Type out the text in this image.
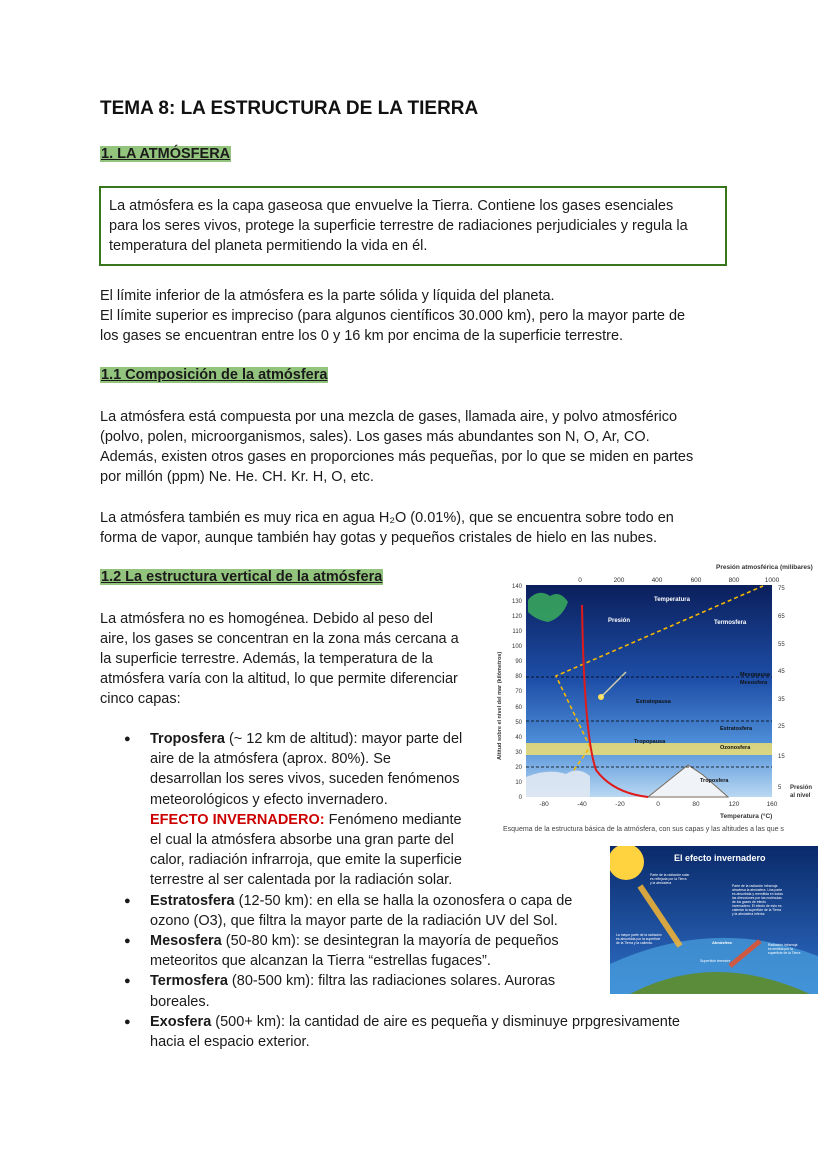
TEMA 8: LA ESTRUCTURA DE LA TIERRA
1. LA ATMÓSFERA

La atmósfera es la capa gaseosa que envuelve la Tierra. Contiene los gases esenciales

para los seres vivos, protege la superficie terrestre de radiaciones perjudiciales y regula la

temperatura del planeta permitiendo la vida en él.

El límite inferior de la atmósfera es la parte sólida y líquida del planeta.
El límite superior es impreciso (para algunos científicos 30.000 km), pero la mayor parte de
los gases se encuentran entre los 0 y 16 km por encima de la superficie terrestre.

1.1 Composición de la atmósfera

La atmósfera está compuesta por una mezcla de gases, llamada aire, y polvo atmosférico
(polvo, polen, microorganismos, sales). Los gases más abundantes son N, O, Ar, CO.
Además, existen otros gases en proporciones más pequeñas, por lo que se miden en partes
por millón (ppm) Ne. He. CH. Kr. H, O, etc.

La atmósfera también es muy rica en agua H₂O (0.01%), que se encuentra sobre todo en
forma de vapor, aunque también hay gotas y pequeños cristales de hielo en las nubes.

1.2 La estructura vertical de la atmósfera

La atmósfera no es homogénea. Debido al peso del
aire, los gases se concentran en la zona más cercana a
la superficie terrestre. Además, la temperatura de la
atmósfera varía con la altitud, lo que permite diferenciar
cinco capas:

● Troposfera (~ 12 km de altitud): mayor parte del
aire de la atmósfera (aprox. 80%). Se
desarrollan los seres vivos, suceden fenómenos
meteorológicos y efecto invernadero.
EFECTO INVERNADERO: Fenómeno mediante
el cual la atmósfera absorbe una gran parte del
calor, radiación infrarroja, que emite la superficie
terrestre al ser calentada por la radiación solar.
● Estratosfera (12-50 km): en ella se halla la ozonosfera o capa de
ozono (O3), que filtra la mayor parte de la radiación UV del Sol.
● Mesosfera (50-80 km): se desintegran la mayoría de pequeños
meteoritos que alcanzan la Tierra “estrellas fugaces”.
● Termosfera (80-500 km): filtra las radiaciones solares. Auroras
boreales.
● Exosfera (500+ km): la cantidad de aire es pequeña y disminuye prpgresivamente
hacia el espacio exterior.
Presión atmosférica (milibares)
0	200	400	600	800	1000
0
10
20
30
40
50
60
70
80
90
100
110
120
130
140
5
15
25
35
45
55
65
75
-80	-40	-20	0	80	120	160
Temperatura (°C)
Altitud sobre el nivel del mar (kilómetros)
Presión
al nivel
Temperatura
Presión	Termosfera
Mesopausa
Mesosfera
Estratopausa
Estratosfera
Tropopausa
Ozonosfera
Troposfera
Esquema de la estructura básica de la atmósfera, con sus capas y las altitudes a las que s
El efecto invernadero
Parte de la radiación solar
es reflejada por la Tierra
y la atmósfera
Parte de la radiación infrarroja
atraviesa la atmósfera. Una parte
es absorbida y reemitida en todas
las direcciones por las moléculas
de los gases de efecto
invernadero. El efecto de esto es
calentar la superficie de la Tierra
y la atmósfera inferior.
La mayor parte de la radiación
es absorbida por la superficie
de la Tierra y la calienta.	Radiación infrarroja
es emitida por la
superficie de la Tierra
Atmósfera
Superficie terrestre
